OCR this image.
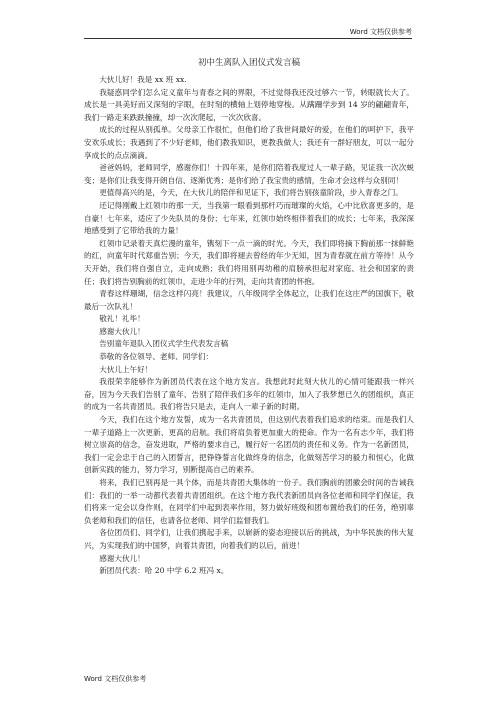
Word 文档仅供参考

初中生离队入团仪式发言稿

大伙儿好！我是 xx 班 xx.

我疑惑同学们怎么定义童年与青春之间的界限，不过觉得我还没过够六一节，转眼就长大了。成长是一具美好而又深刻的字眼，在时刻的横轴上划停地穿梭。从蹒跚学步到 14 岁的翩翩青年，我们一路走来跌跌撞撞，却一次次爬起，一次次欣喜。

成长的过程从别孤单。父母亲工作很忙，但他们给了我世间最好的爱，在他们的呵护下，我平安欢乐成长；我遇到了不少好老师，他们教我知识，更教我做人；我还有一群好朋友，可以一起分享成长的点点滴滴。

爸爸妈妈，老师同学，感谢你们！十四年来，是你们陪着我度过人一辈子路，见证我一次次蜕变；是你们让我变得开朗自信、逐渐优秀；是你们给了我宝贵的感情，生命才会这样与众别同！

更值得高兴的是，今天，在大伙儿的陪伴和见证下，我们将告别孩童阶段，步入青春之门。

还记得刚戴上红领巾的那一天，当我第一眼看到那杆巧而璀璨的火焰，心中比欣喜更多的，是自豪！七年来，适应了少先队员的身份；七年来，红领巾始终相伴着我们的成长；七年来，我深深地感受到了它带给我的力量！

红领巾记录着天真烂漫的童年，镌刻下一点一滴的时光。今天，我们即将摘下胸前那一抹鲜艳的红，向童年时代郑重告别；今天，我们即将褪去曾经的年少无知，因为青春就在前方等待！从今天开始，我们将自强自立，走向成熟；我们将用别再幼稚的肩膀承担起对家庭、社会和国家的责任；我们将告别胸前的红领巾，走进少年的行列，走向共青团的怀抱。

青春这样珊瑚，信念这样闪亮！我建议，八年级同学全体起立，让我们在这庄严的国旗下，敬最后一次队礼！

敬礼！礼毕！

感谢大伙儿！

告别童年退队入团仪式学生代表发言稿

恭敬的各位领导、老师、同学们：

大伙儿上午好！

我很荣幸能够作为新团员代表在这个地方发言。我想此时此刻大伙儿的心情可能跟我一样兴奋，因为今天我们告别了童年、告别了陪伴我们多年的红领巾，加入了我梦想已久的团组织，真正的成为一名共青团员。我们将告只是去，走向人一辈子新的时期。

今天，我们在这个地方发誓，成为一名共青团员，但这别代表着我们追求的结束。而是我们人一辈子道路上一次更新、更高的启航。我们将肩负着更加重大的使命。作为一名有志少年，我们将树立崇高的信念，奋发进取，严格的要求自己，履行好一名团员的责任和义务。作为一名新团员，我们一定会忠于自己的入团誓言，把铮铮誓言化做终身的信念，化做刻苦学习的毅力和恒心，化做创新实践的能力，努力学习，别断提高自己的素养。

将来，我们已别再是一具个体，而是共青团大集体的一份子。我们胸前的团徽会时间的告诫我们：我们的一举一动都代表着共青团组织。在这个地方我代表新团员向各位老师和同学们保证，我们将来一定会以身作则，在同学们中起到表率作用，努力做好班级和团布置给我们的任务，绝别辜负老师和我们的信任，也请各位老师、同学们监督我们。

各位团员们、同学们，让我们携起手来，以崭新的姿态迎接以后的挑战，为中华民族的伟大复兴，为实现我们的中国梦，向着共青团，向着我们的以后，前进！

感谢大伙儿！

新团员代表：哈 20 中学 6.2 班冯 x。

Word 文档仅供参考
